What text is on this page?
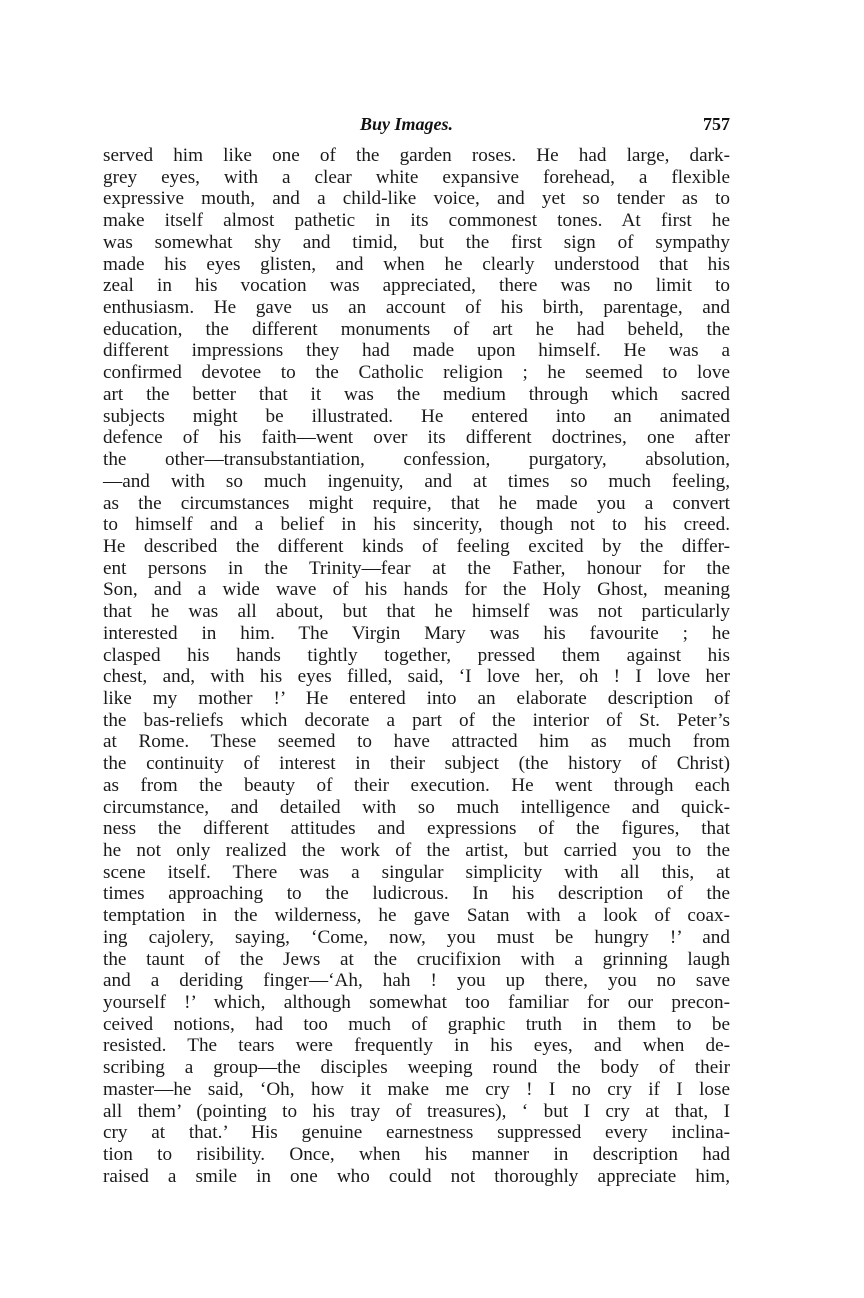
Buy Images.	757
served him like one of the garden roses. He had large, dark-
grey eyes, with a clear white expansive forehead, a flexible
expressive mouth, and a child-like voice, and yet so tender as to
make itself almost pathetic in its commonest tones. At first he
was somewhat shy and timid, but the first sign of sympathy
made his eyes glisten, and when he clearly understood that his
zeal in his vocation was appreciated, there was no limit to
enthusiasm. He gave us an account of his birth, parentage, and
education, the different monuments of art he had beheld, the
different impressions they had made upon himself. He was a
confirmed devotee to the Catholic religion ; he seemed to love
art the better that it was the medium through which sacred
subjects might be illustrated. He entered into an animated
defence of his faith—went over its different doctrines, one after
the other—transubstantiation, confession, purgatory, absolution,
—and with so much ingenuity, and at times so much feeling,
as the circumstances might require, that he made you a convert
to himself and a belief in his sincerity, though not to his creed.
He described the different kinds of feeling excited by the differ-
ent persons in the Trinity—fear at the Father, honour for the
Son, and a wide wave of his hands for the Holy Ghost, meaning
that he was all about, but that he himself was not particularly
interested in him. The Virgin Mary was his favourite ; he
clasped his hands tightly together, pressed them against his
chest, and, with his eyes filled, said, ‘I love her, oh ! I love her
like my mother !’ He entered into an elaborate description of
the bas-reliefs which decorate a part of the interior of St. Peter’s
at Rome. These seemed to have attracted him as much from
the continuity of interest in their subject (the history of Christ)
as from the beauty of their execution. He went through each
circumstance, and detailed with so much intelligence and quick-
ness the different attitudes and expressions of the figures, that
he not only realized the work of the artist, but carried you to the
scene itself. There was a singular simplicity with all this, at
times approaching to the ludicrous. In his description of the
temptation in the wilderness, he gave Satan with a look of coax-
ing cajolery, saying, ‘Come, now, you must be hungry !’ and
the taunt of the Jews at the crucifixion with a grinning laugh
and a deriding finger—‘Ah, hah ! you up there, you no save
yourself !’ which, although somewhat too familiar for our precon-
ceived notions, had too much of graphic truth in them to be
resisted. The tears were frequently in his eyes, and when de-
scribing a group—the disciples weeping round the body of their
master—he said, ‘Oh, how it make me cry ! I no cry if I lose
all them’ (pointing to his tray of treasures), ‘ but I cry at that, I
cry at that.’ His genuine earnestness suppressed every inclina-
tion to risibility. Once, when his manner in description had
raised a smile in one who could not thoroughly appreciate him,
